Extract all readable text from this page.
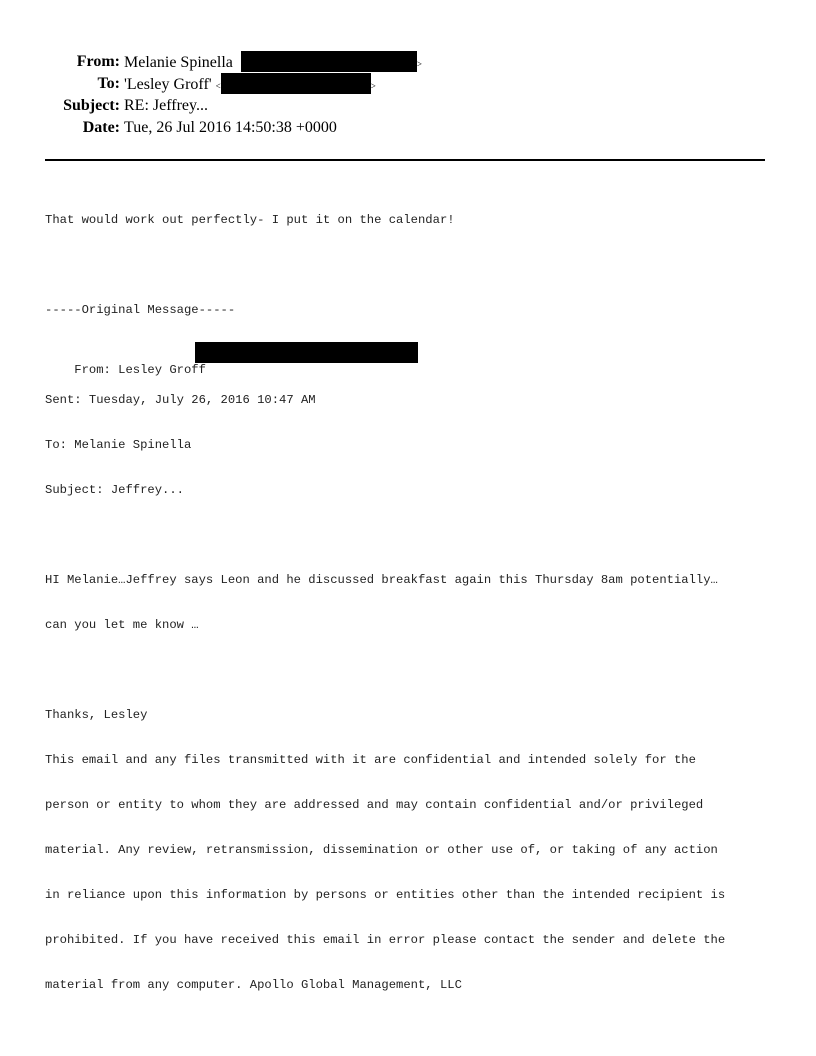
From: Melanie Spinella	>
To: 'Lesley Groff' <	>
Subject: RE: Jeffrey...
Date: Tue, 26 Jul 2016 14:50:38 +0000

That would work out perfectly- I put it on the calendar!

-----Original Message-----

From: Lesley Groff

Sent: Tuesday, July 26, 2016 10:47 AM

To: Melanie Spinella

Subject: Jeffrey...

HI Melanie…Jeffrey says Leon and he discussed breakfast again this Thursday 8am potentially…

can you let me know …

Thanks, Lesley

This email and any files transmitted with it are confidential and intended solely for the

person or entity to whom they are addressed and may contain confidential and/or privileged

material. Any review, retransmission, dissemination or other use of, or taking of any action

in reliance upon this information by persons or entities other than the intended recipient is

prohibited. If you have received this email in error please contact the sender and delete the

material from any computer. Apollo Global Management, LLC
